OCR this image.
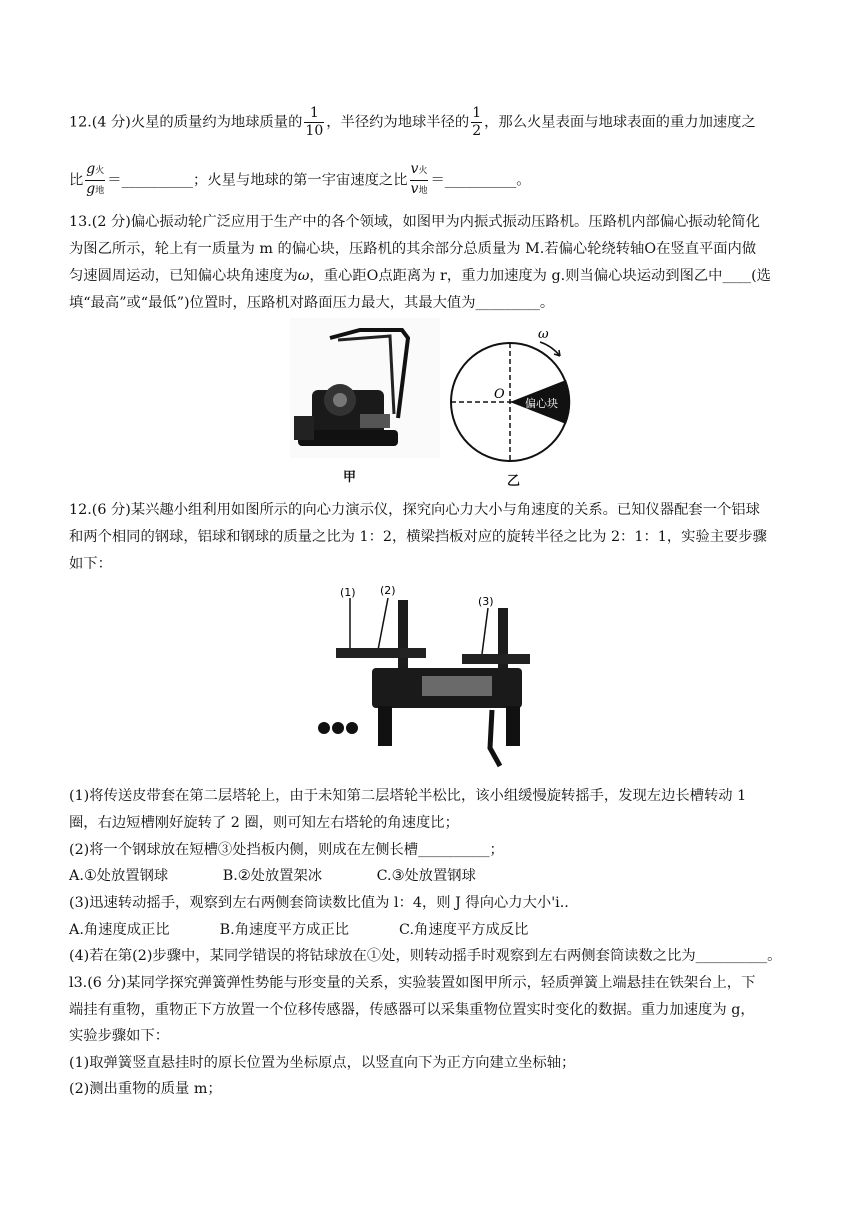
12.(4 分)火星的质量约为地球质量的 $\frac{1}{10}$ ，半径约为地球半径的 $\frac{1}{2}$ ，那么火星表面与地球表面的重力加速度之
比 $\frac{\text{g火}}{\text{g地}}$ ＝__________；火星与地球的第一宇宙速度之比 $\frac{\text{v火}}{\text{v地}}$ ＝__________。
13.(2 分)偏心振动轮广泛应用于生产中的各个领域，如图甲为内振式振动压路机。压路机内部偏心振动轮简化
为图乙所示，轮上有一质量为 m 的偏心块，压路机的其余部分总质量为 M.若偏心轮绕转轴O在竖直平面内做
匀速圆周运动，已知偏心块角速度为ω，重心距O点距离为 r，重力加速度为 g.则当偏心块运动到图乙中____(选
填“最高”或“最低”)位置时，压路机对路面压力最大，其最大值为_________。
甲
ω
O
偏心块
乙
12.(6 分)某兴趣小组利用如图所示的向心力演示仪，探究向心力大小与角速度的关系。已知仪器配套一个铝球
和两个相同的钢球，铝球和钢球的质量之比为 1：2，横梁挡板对应的旋转半径之比为 2：1：1，实验主要步骤
如下：
(1) (2)
(3)
(1)将传送皮带套在第二层塔轮上，由于未知第二层塔轮半松比，该小组缓慢旋转摇手，发现左边长槽转动 1
圈，右边短槽刚好旋转了 2 圈，则可知左右塔轮的角速度比；
(2)将一个钢球放在短槽③处挡板内侧，则成在左侧长槽__________；
A.①处放置钢球            B.②处放置架冰            C.③处放置钢球
(3)迅速转动摇手，观察到左右两侧套筒读数比值为 l：4，则 J 得向心力大小'i..
A.角速度成正比           B.角速度平方成正比           C.角速度平方成反比
(4)若在第(2)步骤中，某同学错误的将钴球放在①处，则转动摇手时观察到左右两侧套筒读数之比为__________。
l3.(6 分)某同学探究弹簧弹性势能与形变量的关系，实验装置如图甲所示，轻质弹簧上端悬挂在铁架台上，下
端挂有重物，重物正下方放置一个位移传感器，传感器可以采集重物位置实时变化的数据。重力加速度为 g，
实验步骤如下：
(1)取弹簧竖直悬挂时的原长位置为坐标原点，以竖直向下为正方向建立坐标轴；
(2)测出重物的质量 m；
